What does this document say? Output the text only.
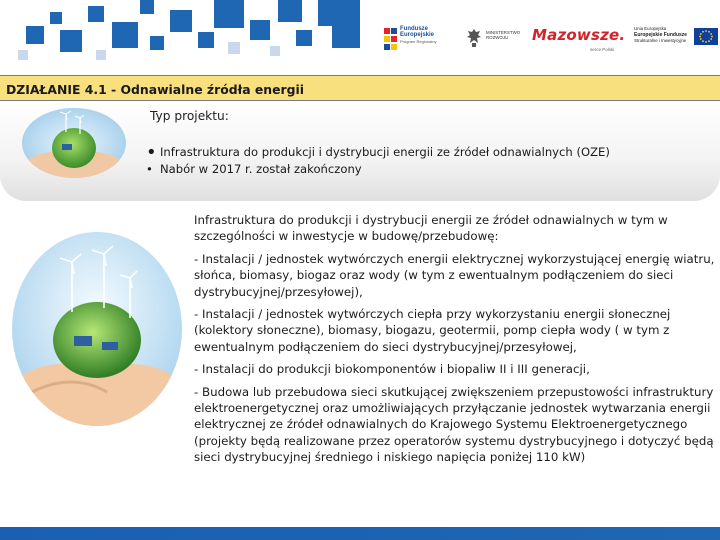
Fundusze
Europejskie
Program Regionalny
MINISTERSTWO
ROZWOJU	Mazowsze.
serce Polski
Unia Europejska
Europejskie Fundusze
Strukturalne i Inwestycyjne
DZIAŁANIE 4.1 - Odnawialne źródła energii
Typ projektu:
• Infrastruktura do produkcji i dystrybucji energii ze źródeł odnawialnych (OZE)
• Nabór w 2017 r. został zakończony
Infrastruktura do produkcji i dystrybucji energii ze źródeł odnawialnych w tym w szczególności w inwestycje w budowę/przebudowę:
- Instalacji / jednostek wytwórczych energii elektrycznej wykorzystującej energię wiatru, słońca, biomasy, biogaz oraz wody (w tym z ewentualnym podłączeniem do sieci dystrybucyjnej/przesyłowej),
- Instalacji / jednostek wytwórczych ciepła przy wykorzystaniu energii słonecznej (kolektory słoneczne), biomasy, biogazu, geotermii, pomp ciepła wody ( w tym z ewentualnym podłączeniem do sieci dystrybucyjnej/przesyłowej,
- Instalacji do produkcji biokomponentów i biopaliw II i III generacji,
- Budowa lub przebudowa sieci skutkującej zwiększeniem przepustowości infrastruktury elektroenergetycznej oraz umożliwiających przyłączanie jednostek wytwarzania energii elektrycznej ze źródeł odnawialnych do Krajowego Systemu Elektroenergetycznego (projekty będą realizowane przez operatorów systemu dystrybucyjnego i dotyczyć będą sieci dystrybucyjnej średniego i niskiego napięcia poniżej 110 kW)
